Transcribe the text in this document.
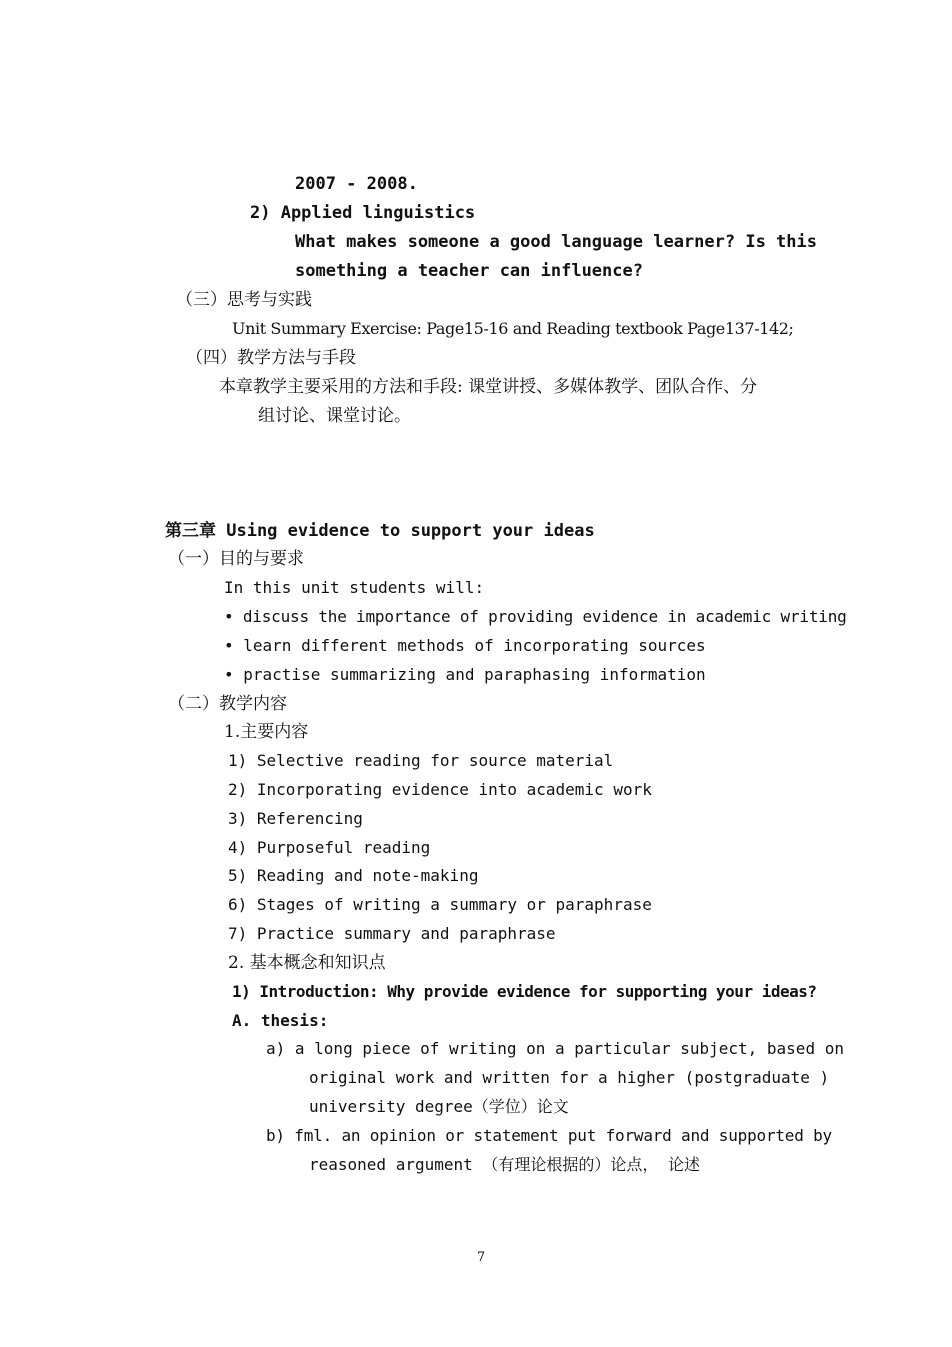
2007 - 2008.
2) Applied linguistics
What makes someone a good language learner? Is this
something a teacher can influence?
（三）思考与实践
Unit Summary Exercise: Page15-16 and Reading textbook Page137-142;
（四）教学方法与手段
本章教学主要采用的方法和手段: 课堂讲授、多媒体教学、团队合作、分
组讨论、课堂讨论。
第三章 Using evidence to support your ideas
（一）目的与要求
In this unit students will:
• discuss the importance of providing evidence in academic writing
• learn different methods of incorporating sources
• practise summarizing and paraphasing information
（二）教学内容
1.主要内容
1) Selective reading for source material
2) Incorporating evidence into academic work
3) Referencing
4) Purposeful reading
5) Reading and note-making
6) Stages of writing a summary or paraphrase
7) Practice summary and paraphrase
2. 基本概念和知识点
1) Introduction: Why provide evidence for supporting your ideas?
A. thesis:
a) a long piece of writing on a particular subject, based on
original work and written for a higher (postgraduate )
university degree（学位）论文
b) fml. an opinion or statement put forward and supported by
reasoned argument （有理论根据的）论点， 论述
7
